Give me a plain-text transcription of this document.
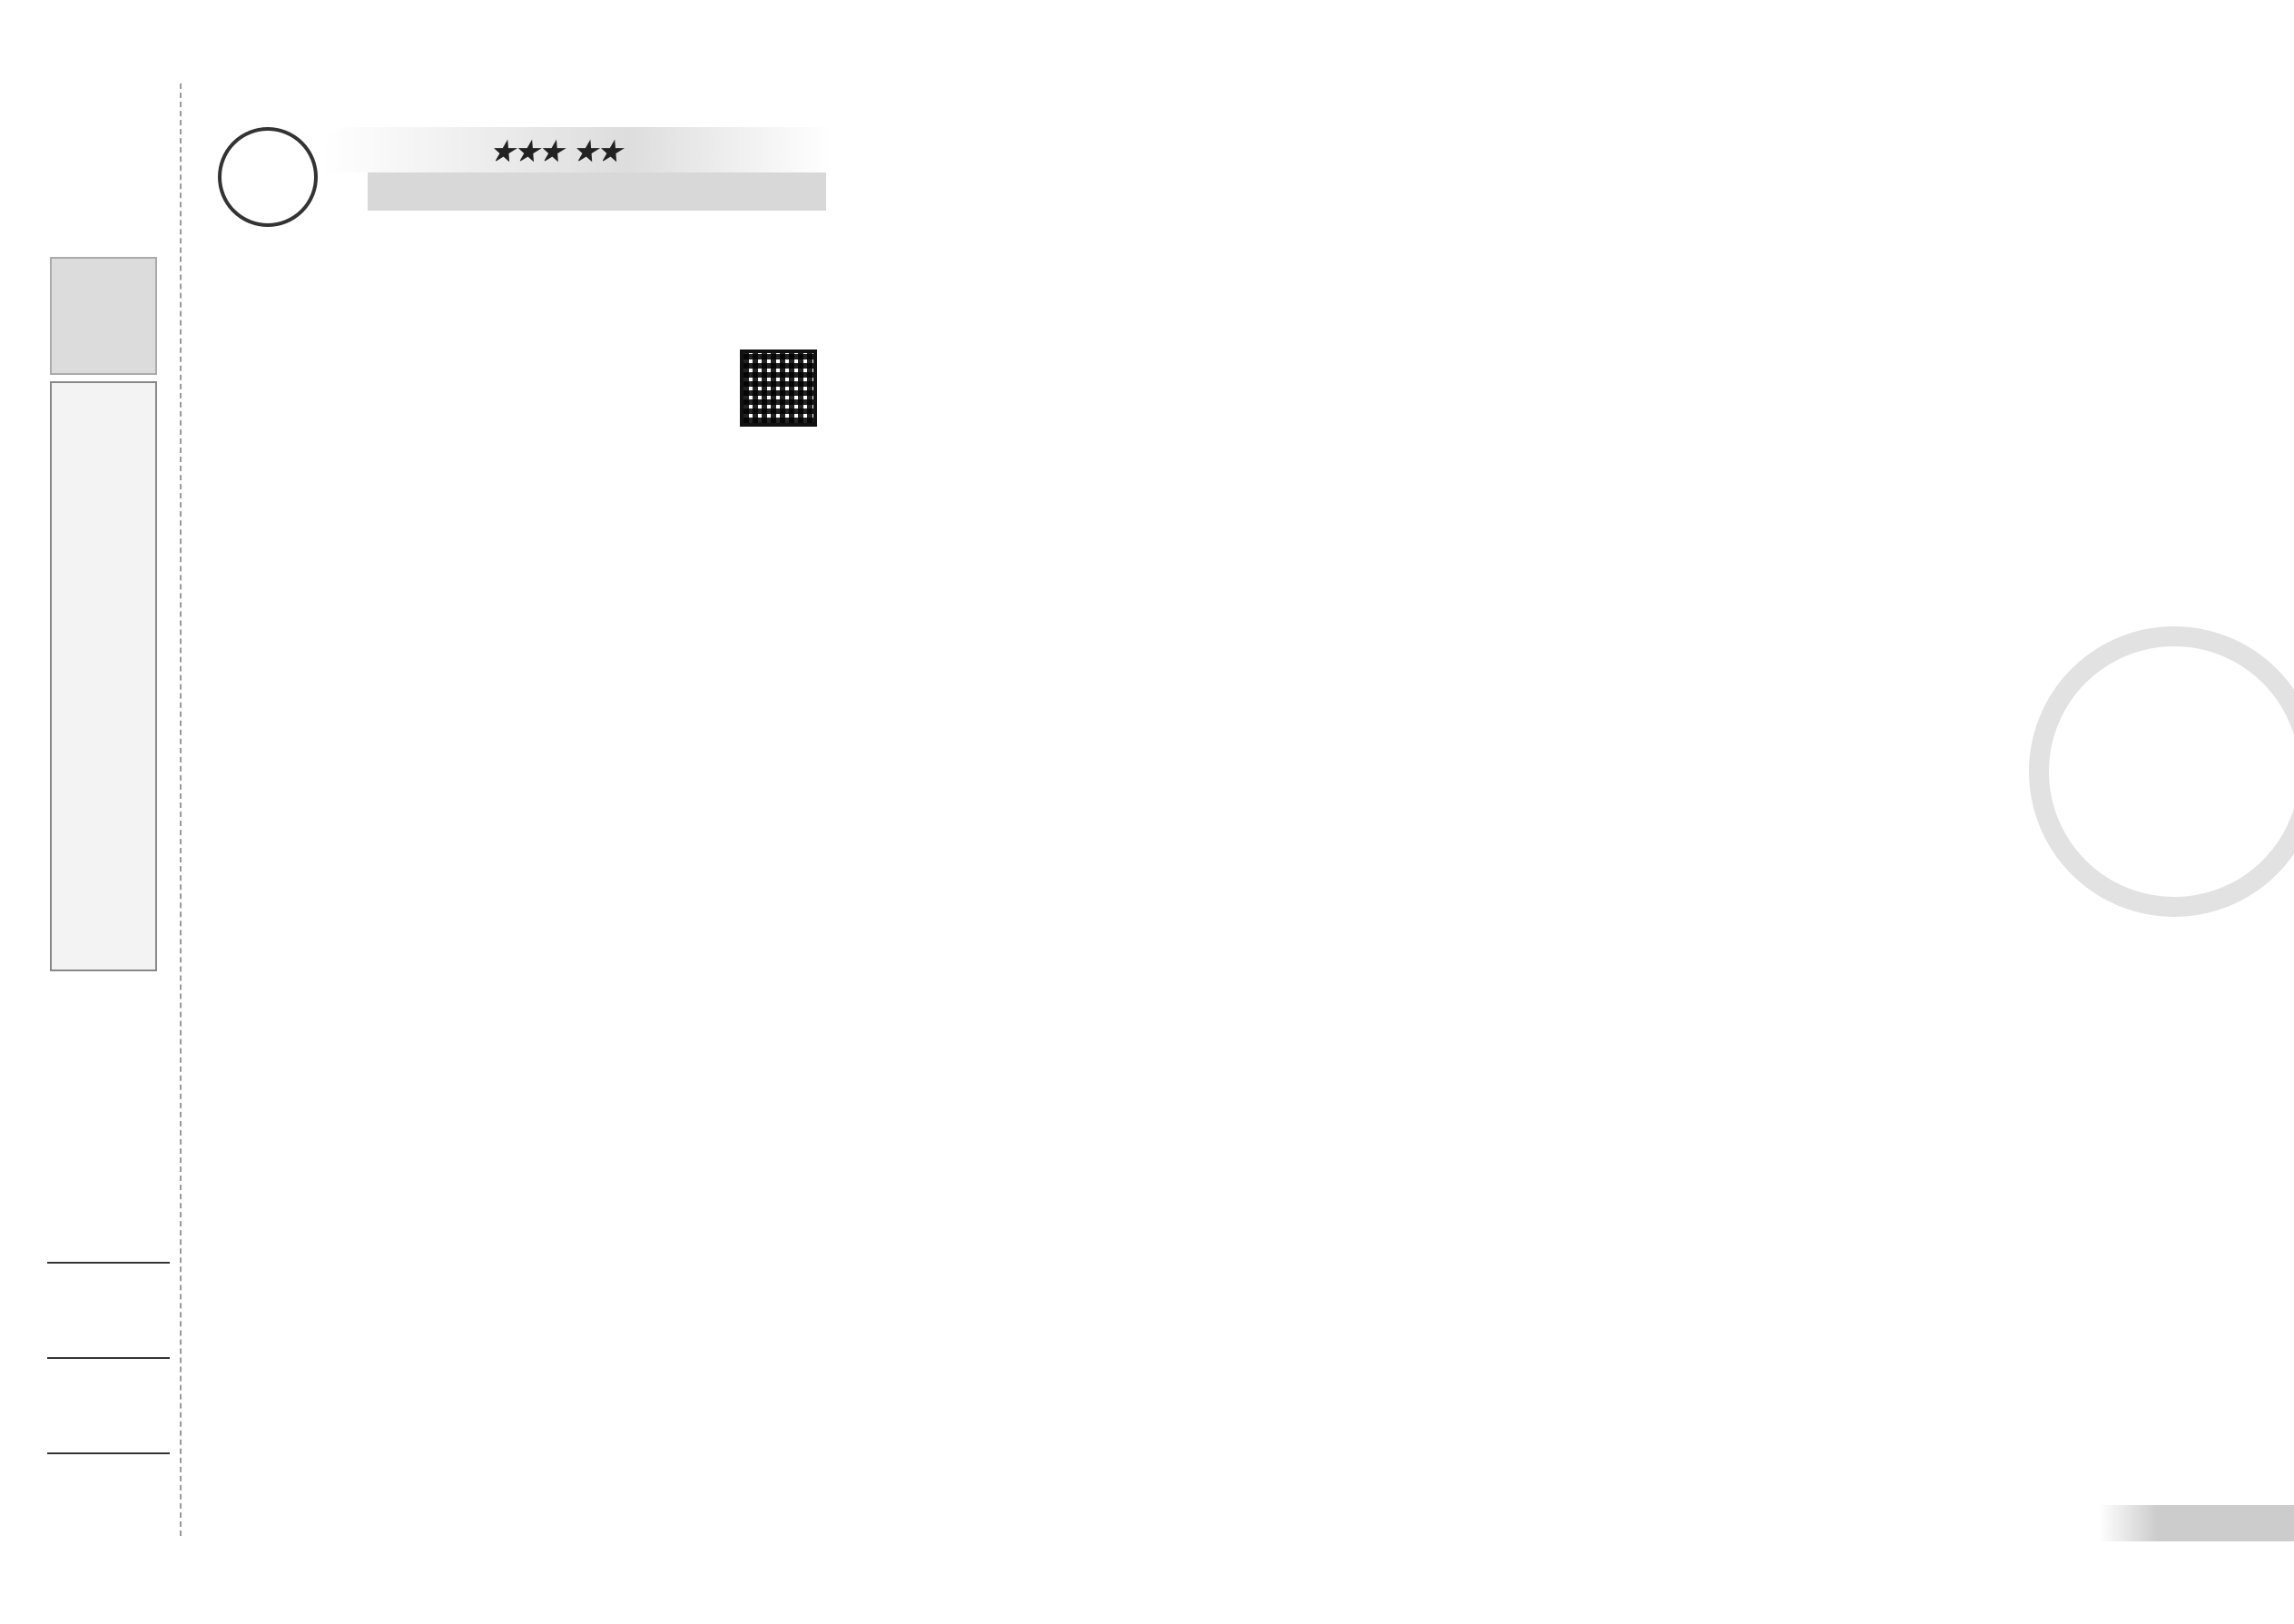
★★★ ★★
